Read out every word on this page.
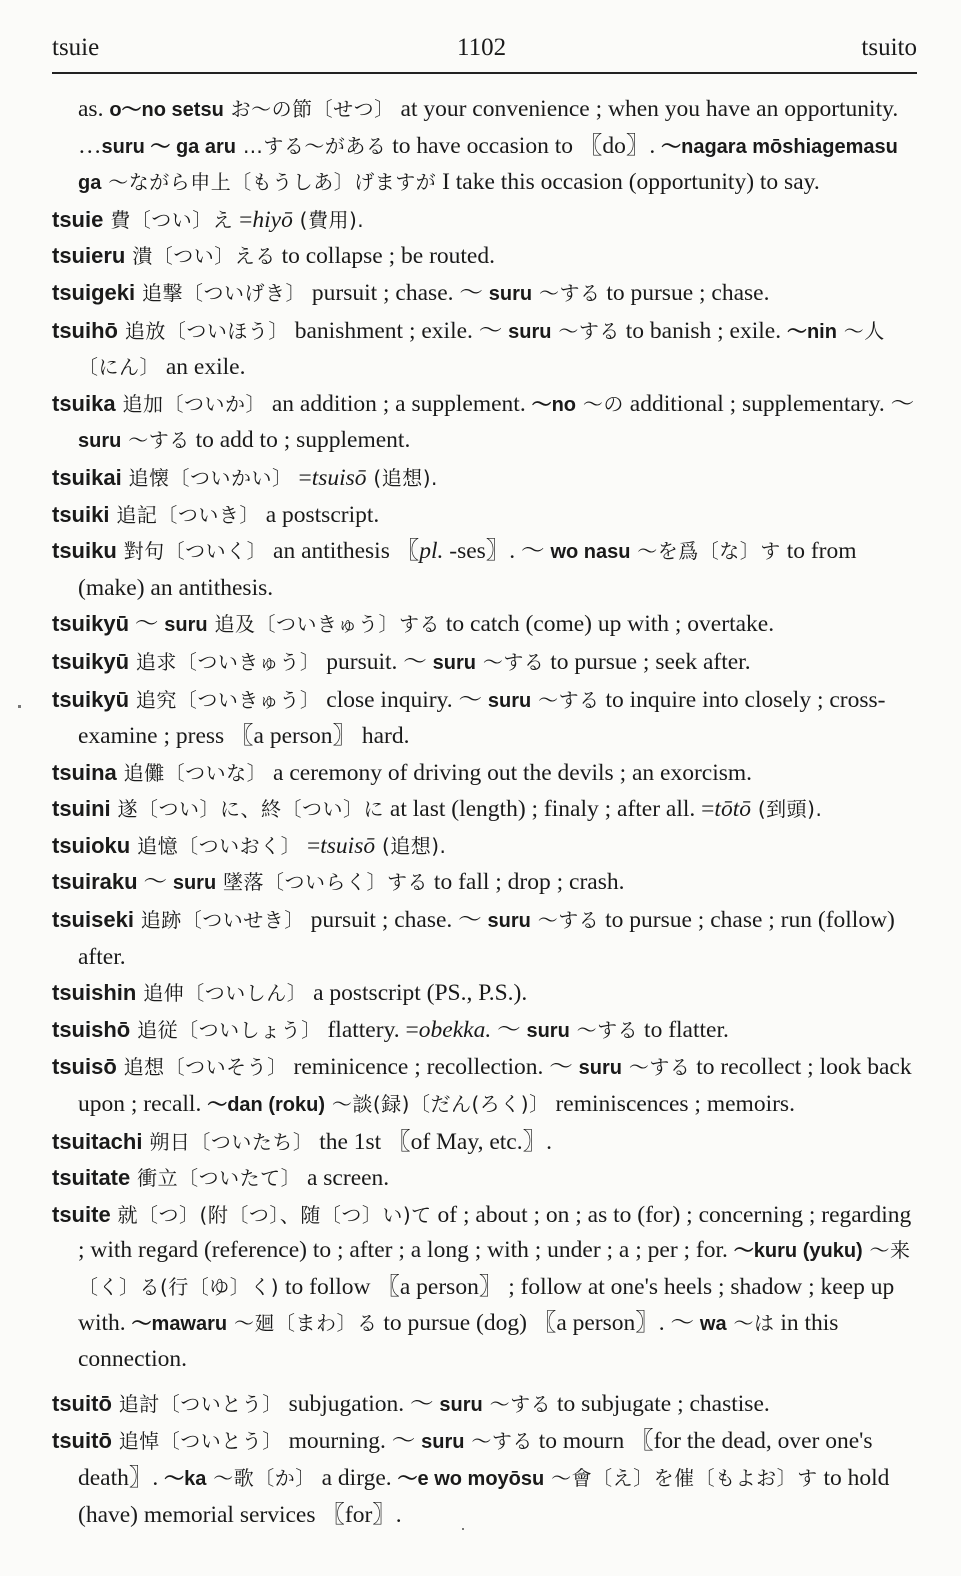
tsuie	1102	tsuito
as. o～no setsu お～の節〔せつ〕 at your convenience ; when you have an opportunity. …suru ～ ga aru …する～がある to have occasion to 〖do〗. ～nagara mōshiagemasu ga ～ながら申上〔もうしあ〕げますが I take this occasion (opportunity) to say.
tsuie 費〔つい〕え =hiyō (費用).
tsuieru 潰〔つい〕える to collapse ; be routed.
tsuigeki 追撃〔ついげき〕 pursuit ; chase. ～ suru ～する to pursue ; chase.
tsuihō 追放〔ついほう〕 banishment ; exile. ～ suru ～する to banish ; exile. ～nin ～人〔にん〕 an exile.
tsuika 追加〔ついか〕 an addition ; a supplement. ～no ～の additional ; supplementary. ～ suru ～する to add to ; supplement.
tsuikai 追懐〔ついかい〕 =tsuisō (追想).
tsuiki 追記〔ついき〕 a postscript.
tsuiku 對句〔ついく〕 an antithesis 〖pl. -ses〗. ～ wo nasu ～を爲〔な〕す to from (make) an antithesis.
tsuikyū ～ suru 追及〔ついきゅう〕する to catch (come) up with ; overtake.
tsuikyū 追求〔ついきゅう〕 pursuit. ～ suru ～する to pursue ; seek after.
tsuikyū 追究〔ついきゅう〕 close inquiry. ～ suru ～する to inquire into closely ; cross-examine ; press 〖a person〗 hard.
tsuina 追儺〔ついな〕 a ceremony of driving out the devils ; an exorcism.
tsuini 遂〔つい〕に、終〔つい〕に at last (length) ; finaly ; after all. =tōtō (到頭).
tsuioku 追憶〔ついおく〕 =tsuisō (追想).
tsuiraku ～ suru 墜落〔ついらく〕する to fall ; drop ; crash.
tsuiseki 追跡〔ついせき〕 pursuit ; chase. ～ suru ～する to pursue ; chase ; run (follow) after.
tsuishin 追伸〔ついしん〕 a postscript (PS., P.S.).
tsuishō 追従〔ついしょう〕 flattery. =obekka. ～ suru ～する to flatter.
tsuisō 追想〔ついそう〕 reminicence ; recollection. ～ suru ～する to recollect ; look back upon ; recall. ～dan (roku) ～談(録)〔だん(ろく)〕 reminiscences ; memoirs.
tsuitachi 朔日〔ついたち〕 the 1st 〖of May, etc.〗.
tsuitate 衝立〔ついたて〕 a screen.
tsuite 就〔つ〕(附〔つ〕、随〔つ〕い)て of ; about ; on ; as to (for) ; concerning ; regarding ; with regard (reference) to ; after ; a long ; with ; under ; a ; per ; for. ～kuru (yuku) ～来〔く〕る(行〔ゆ〕く) to follow 〖a person〗 ; follow at one's heels ; shadow ; keep up with. ～mawaru ～廻〔まわ〕る to pursue (dog) 〖a person〗. ～ wa ～は in this connection.
tsuitō 追討〔ついとう〕 subjugation. ～ suru ～する to subjugate ; chastise.
tsuitō 追悼〔ついとう〕 mourning. ～ suru ～する to mourn 〖for the dead, over one's death〗. ～ka ～歌〔か〕 a dirge. ～e wo moyōsu ～會〔え〕を催〔もよお〕す to hold (have) memorial services 〖for〗.
